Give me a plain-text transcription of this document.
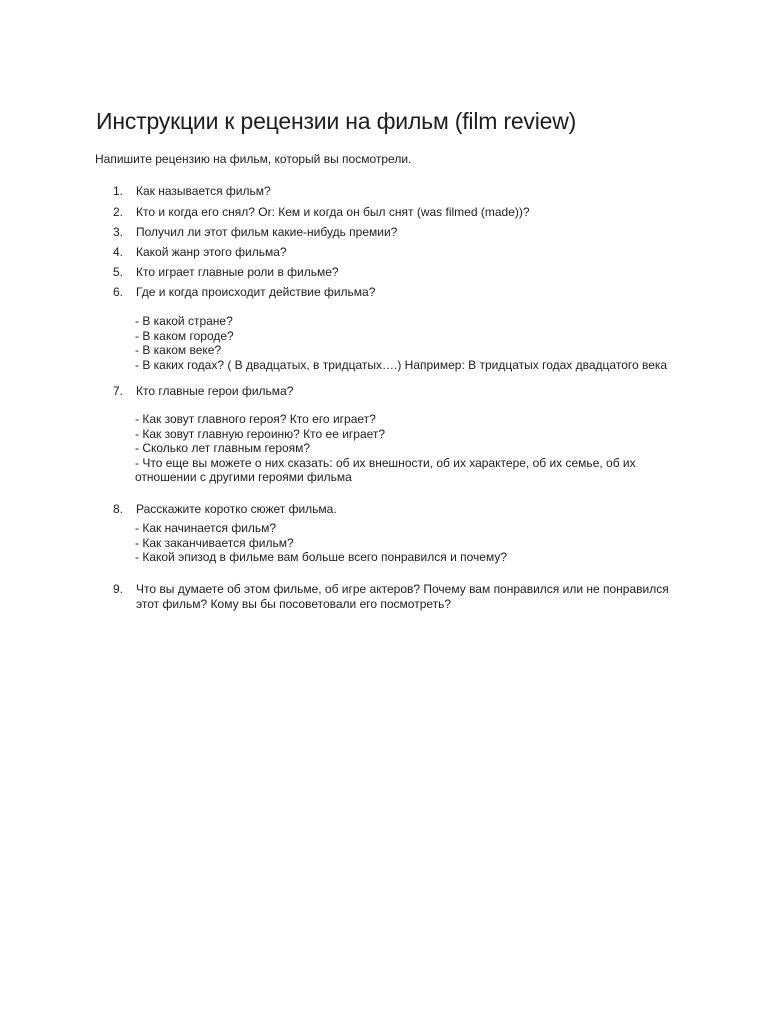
Инструкции к рецензии на фильм (film review)

Напишите рецензию на фильм, который вы посмотрели.

1. Как называется фильм?
2. Кто и когда его снял? Or: Кем и когда он был снят (was filmed (made))?
3. Получил ли этот фильм какие-нибудь премии?
4. Какой жанр этого фильма?
5. Кто играет главные роли в фильме?
6. Где и когда происходит действие фильма?
- В какой стране?
- В каком городе?
- В каком веке?
- В каких годах? ( В двадцатых, в тридцатых….) Например: В тридцатых годах двадцатого века
7. Кто главные герои фильма?
- Как зовут главного героя? Кто его играет?
- Как зовут главную героиню? Кто ее играет?
- Сколько лет главным героям?
- Что еще вы можете о них сказать: об их внешности, об их характере, об их семье, об их
отношении с другими героями фильма
8. Расскажите коротко сюжет фильма.
- Как начинается фильм?
- Как заканчивается фильм?
- Какой эпизод в фильме вам больше всего понравился и почему?
9. Что вы думаете об этом фильме, об игре актеров? Почему вам понравился или не понравился
этот фильм? Кому вы бы посоветовали его посмотреть?
